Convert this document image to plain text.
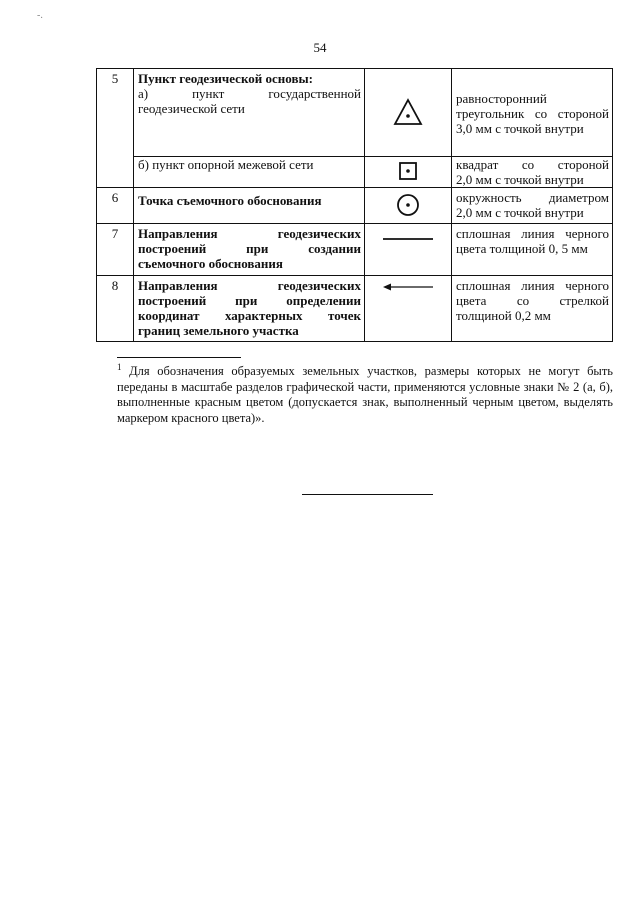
-.
54
5	Пункт геодезической основы:
а)        пункт        государственной
геодезической сети		равносторонний
треугольник со стороной
3,0 мм с точкой внутри

	б) пункт опорной межевой сети		квадрат со стороной
2,0 мм с точкой внутри

6	Точка съемочного обоснования		окружность диаметром
2,0 мм с точкой внутри

7	Направления геодезических
построений при создании
съемочного обоснования		сплошная линия черного
цвета толщиной 0, 5 мм

8	Направления геодезических
построений при определении
координат характерных точек
границ земельного участка		сплошная линия черного
цвета со стрелкой
толщиной 0,2 мм
$^1$ Для обозначения образуемых земельных участков, размеры которых не могут быть переданы в масштабе разделов графической части, применяются условные знаки № 2 (а, б), выполненные красным цветом (допускается знак, выполненный черным цветом, выделять маркером красного цвета)».
